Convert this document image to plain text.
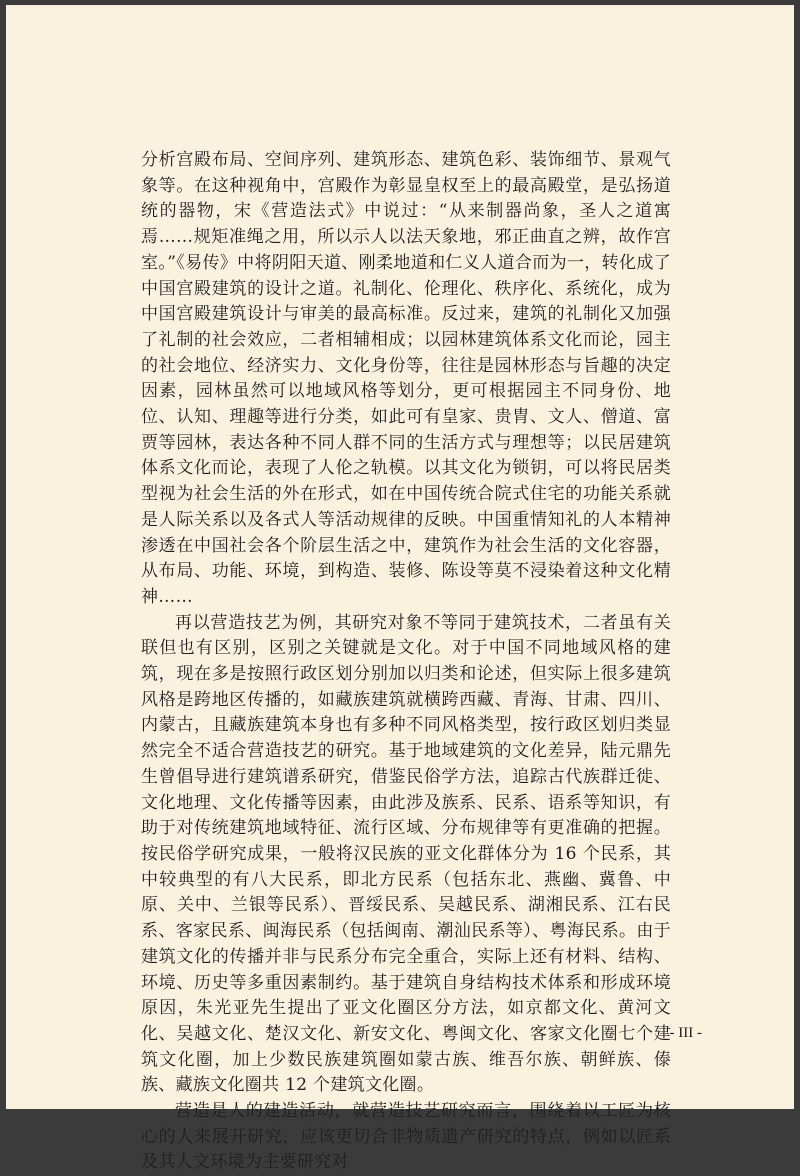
分析宫殿布局、空间序列、建筑形态、建筑色彩、装饰细节、景观气象等。在这种视角中，宫殿作为彰显皇权至上的最高殿堂，是弘扬道统的器物，宋《营造法式》中说过：“从来制器尚象，圣人之道寓焉……规矩准绳之用，所以示人以法天象地，邪正曲直之辨，故作宫室。”《易传》中将阴阳天道、刚柔地道和仁义人道合而为一，转化成了中国宫殿建筑的设计之道。礼制化、伦理化、秩序化、系统化，成为中国宫殿建筑设计与审美的最高标准。反过来，建筑的礼制化又加强了礼制的社会效应，二者相辅相成；以园林建筑体系文化而论，园主的社会地位、经济实力、文化身份等，往往是园林形态与旨趣的决定因素，园林虽然可以地域风格等划分，更可根据园主不同身份、地位、认知、理趣等进行分类，如此可有皇家、贵胄、文人、僧道、富贾等园林，表达各种不同人群不同的生活方式与理想等；以民居建筑体系文化而论，表现了人伦之轨模。以其文化为锁钥，可以将民居类型视为社会生活的外在形式，如在中国传统合院式住宅的功能关系就是人际关系以及各式人等活动规律的反映。中国重情知礼的人本精神渗透在中国社会各个阶层生活之中，建筑作为社会生活的文化容器，从布局、功能、环境，到构造、装修、陈设等莫不浸染着这种文化精神……

再以营造技艺为例，其研究对象不等同于建筑技术，二者虽有关联但也有区别，区别之关键就是文化。对于中国不同地域风格的建筑，现在多是按照行政区划分别加以归类和论述，但实际上很多建筑风格是跨地区传播的，如藏族建筑就横跨西藏、青海、甘肃、四川、内蒙古，且藏族建筑本身也有多种不同风格类型，按行政区划归类显然完全不适合营造技艺的研究。基于地域建筑的文化差异，陆元鼎先生曾倡导进行建筑谱系研究，借鉴民俗学方法，追踪古代族群迁徙、文化地理、文化传播等因素，由此涉及族系、民系、语系等知识，有助于对传统建筑地域特征、流行区域、分布规律等有更准确的把握。按民俗学研究成果，一般将汉民族的亚文化群体分为 16 个民系，其中较典型的有八大民系，即北方民系（包括东北、燕幽、冀鲁、中原、关中、兰银等民系）、晋绥民系、吴越民系、湖湘民系、江右民系、客家民系、闽海民系（包括闽南、潮汕民系等）、粤海民系。由于建筑文化的传播并非与民系分布完全重合，实际上还有材料、结构、环境、历史等多重因素制约。基于建筑自身结构技术体系和形成环境原因，朱光亚先生提出了亚文化圈区分方法，如京都文化、黄河文化、吴越文化、楚汉文化、新安文化、粤闽文化、客家文化圈七个建筑文化圈，加上少数民族建筑圈如蒙古族、维吾尔族、朝鲜族、傣族、藏族文化圈共 12 个建筑文化圈。

营造是人的建造活动，就营造技艺研究而言，围绕着以工匠为核心的人来展开研究，应该更切合非物质遗产研究的特点，例如以匠系及其人文环境为主要研究对

- III -
